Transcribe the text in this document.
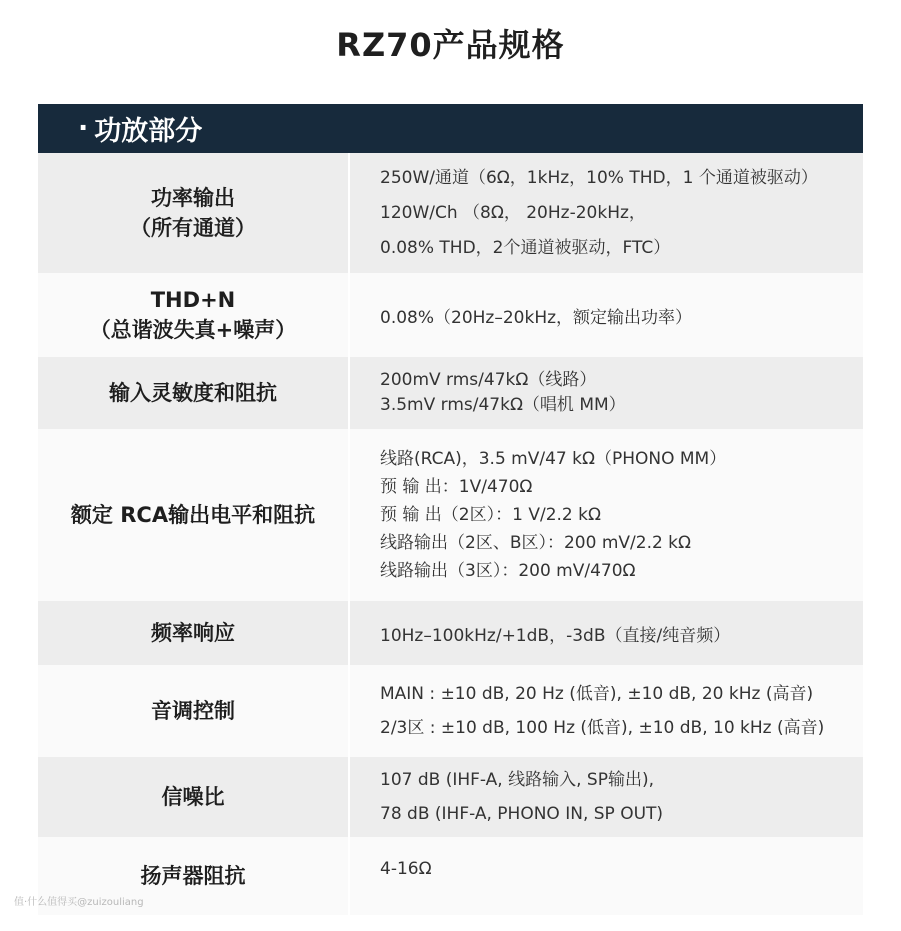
RZ70产品规格
· 功放部分
功率输出
（所有通道）
250W/通道（6Ω，1kHz，10% THD，1 个通道被驱动）
120W/Ch （8Ω， 20Hz-20kHz，
0.08% THD，2个通道被驱动，FTC）
THD+N
（总谐波失真+噪声）
0.08%（20Hz–20kHz，额定输出功率）
输入灵敏度和阻抗
200mV rms/47kΩ（线路）
3.5mV rms/47kΩ（唱机 MM）
额定 RCA输出电平和阻抗
线路(RCA)，3.5 mV/47 kΩ（PHONO MM）
预 输 出：1V/470Ω
预 输 出（2区）：1 V/2.2 kΩ
线路输出（2区、B区）：200 mV/2.2 kΩ
线路输出（3区）：200 mV/470Ω
频率响应	10Hz–100kHz/+1dB，-3dB（直接/纯音频）
音调控制
MAIN : ±10 dB, 20 Hz (低音), ±10 dB, 20 kHz (高音)
2/3区 : ±10 dB, 100 Hz (低音), ±10 dB, 10 kHz (高音)
信噪比
107 dB (IHF-A, 线路输入, SP输出),
78 dB (IHF-A, PHONO IN, SP OUT)
扬声器阻抗	4-16Ω
值·什么值得买@zuizouliang
